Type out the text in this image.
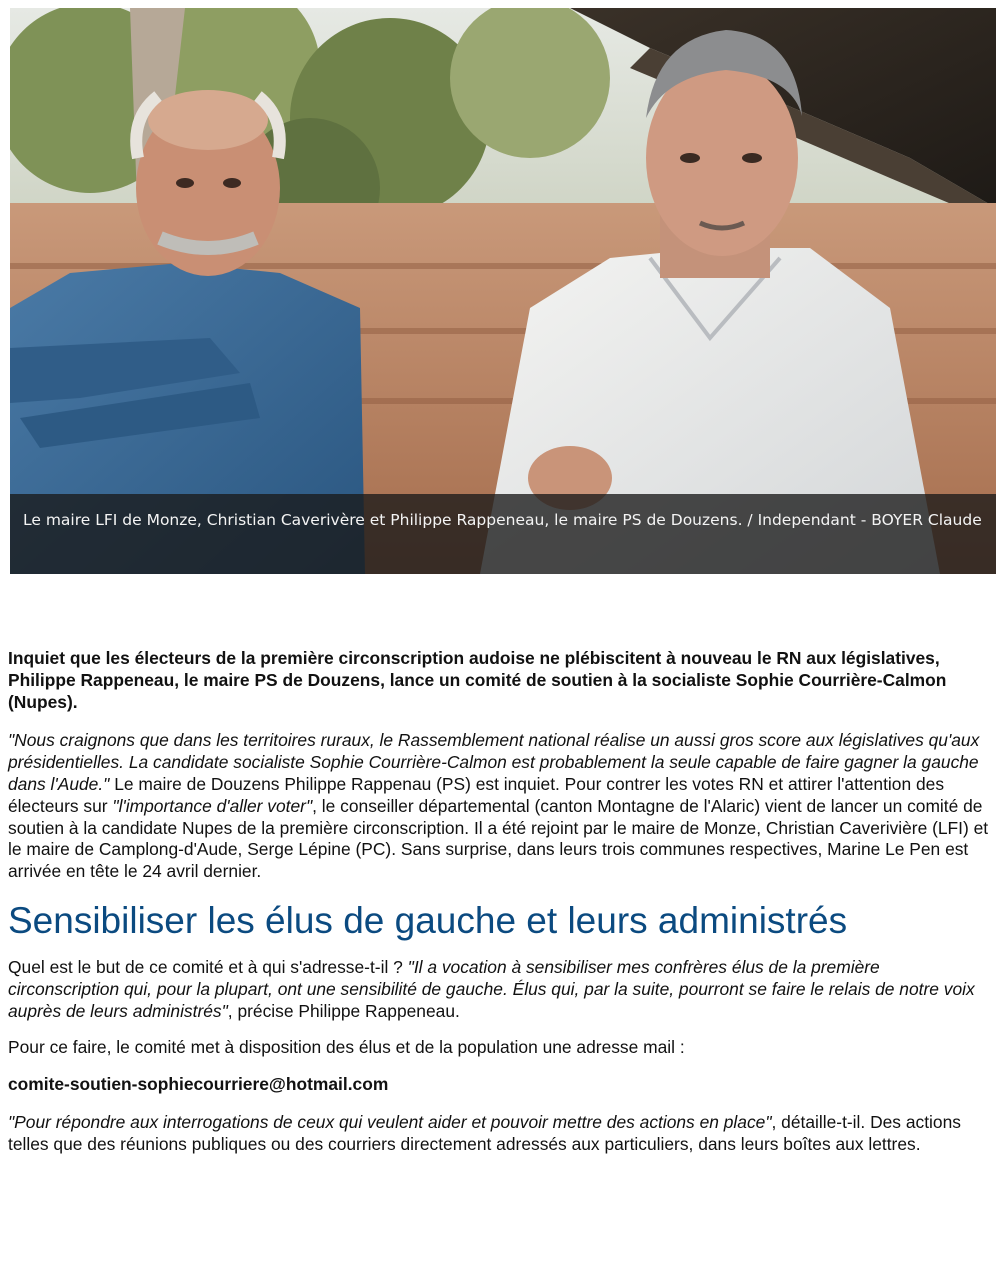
Le maire LFI de Monze, Christian Caverivère et Philippe Rappeneau, le maire PS de Douzens. / Independant - BOYER Claude

Inquiet que les électeurs de la première circonscription audoise ne plébiscitent à nouveau le RN aux législatives, Philippe Rappeneau, le maire PS de Douzens, lance un comité de soutien à la socialiste Sophie Courrière-Calmon (Nupes).

"Nous craignons que dans les territoires ruraux, le Rassemblement national réalise un aussi gros score aux législatives qu'aux présidentielles. La candidate socialiste Sophie Courrière-Calmon est probablement la seule capable de faire gagner la gauche dans l'Aude." Le maire de Douzens Philippe Rappenau (PS) est inquiet. Pour contrer les votes RN et attirer l'attention des électeurs sur "l'importance d'aller voter", le conseiller départemental (canton Montagne de l'Alaric) vient de lancer un comité de soutien à la candidate Nupes de la première circonscription. Il a été rejoint par le maire de Monze, Christian Caverivière (LFI) et le maire de Camplong-d'Aude, Serge Lépine (PC). Sans surprise, dans leurs trois communes respectives, Marine Le Pen est arrivée en tête le 24 avril dernier.

Sensibiliser les élus de gauche et leurs administrés

Quel est le but de ce comité et à qui s'adresse-t-il ? "Il a vocation à sensibiliser mes confrères élus de la première circonscription qui, pour la plupart, ont une sensibilité de gauche. Élus qui, par la suite, pourront se faire le relais de notre voix auprès de leurs administrés", précise Philippe Rappeneau.

Pour ce faire, le comité met à disposition des élus et de la population une adresse mail :

comite-soutien-sophiecourriere@hotmail.com

"Pour répondre aux interrogations de ceux qui veulent aider et pouvoir mettre des actions en place", détaille-t-il. Des actions telles que des réunions publiques ou des courriers directement adressés aux particuliers, dans leurs boîtes aux lettres.
